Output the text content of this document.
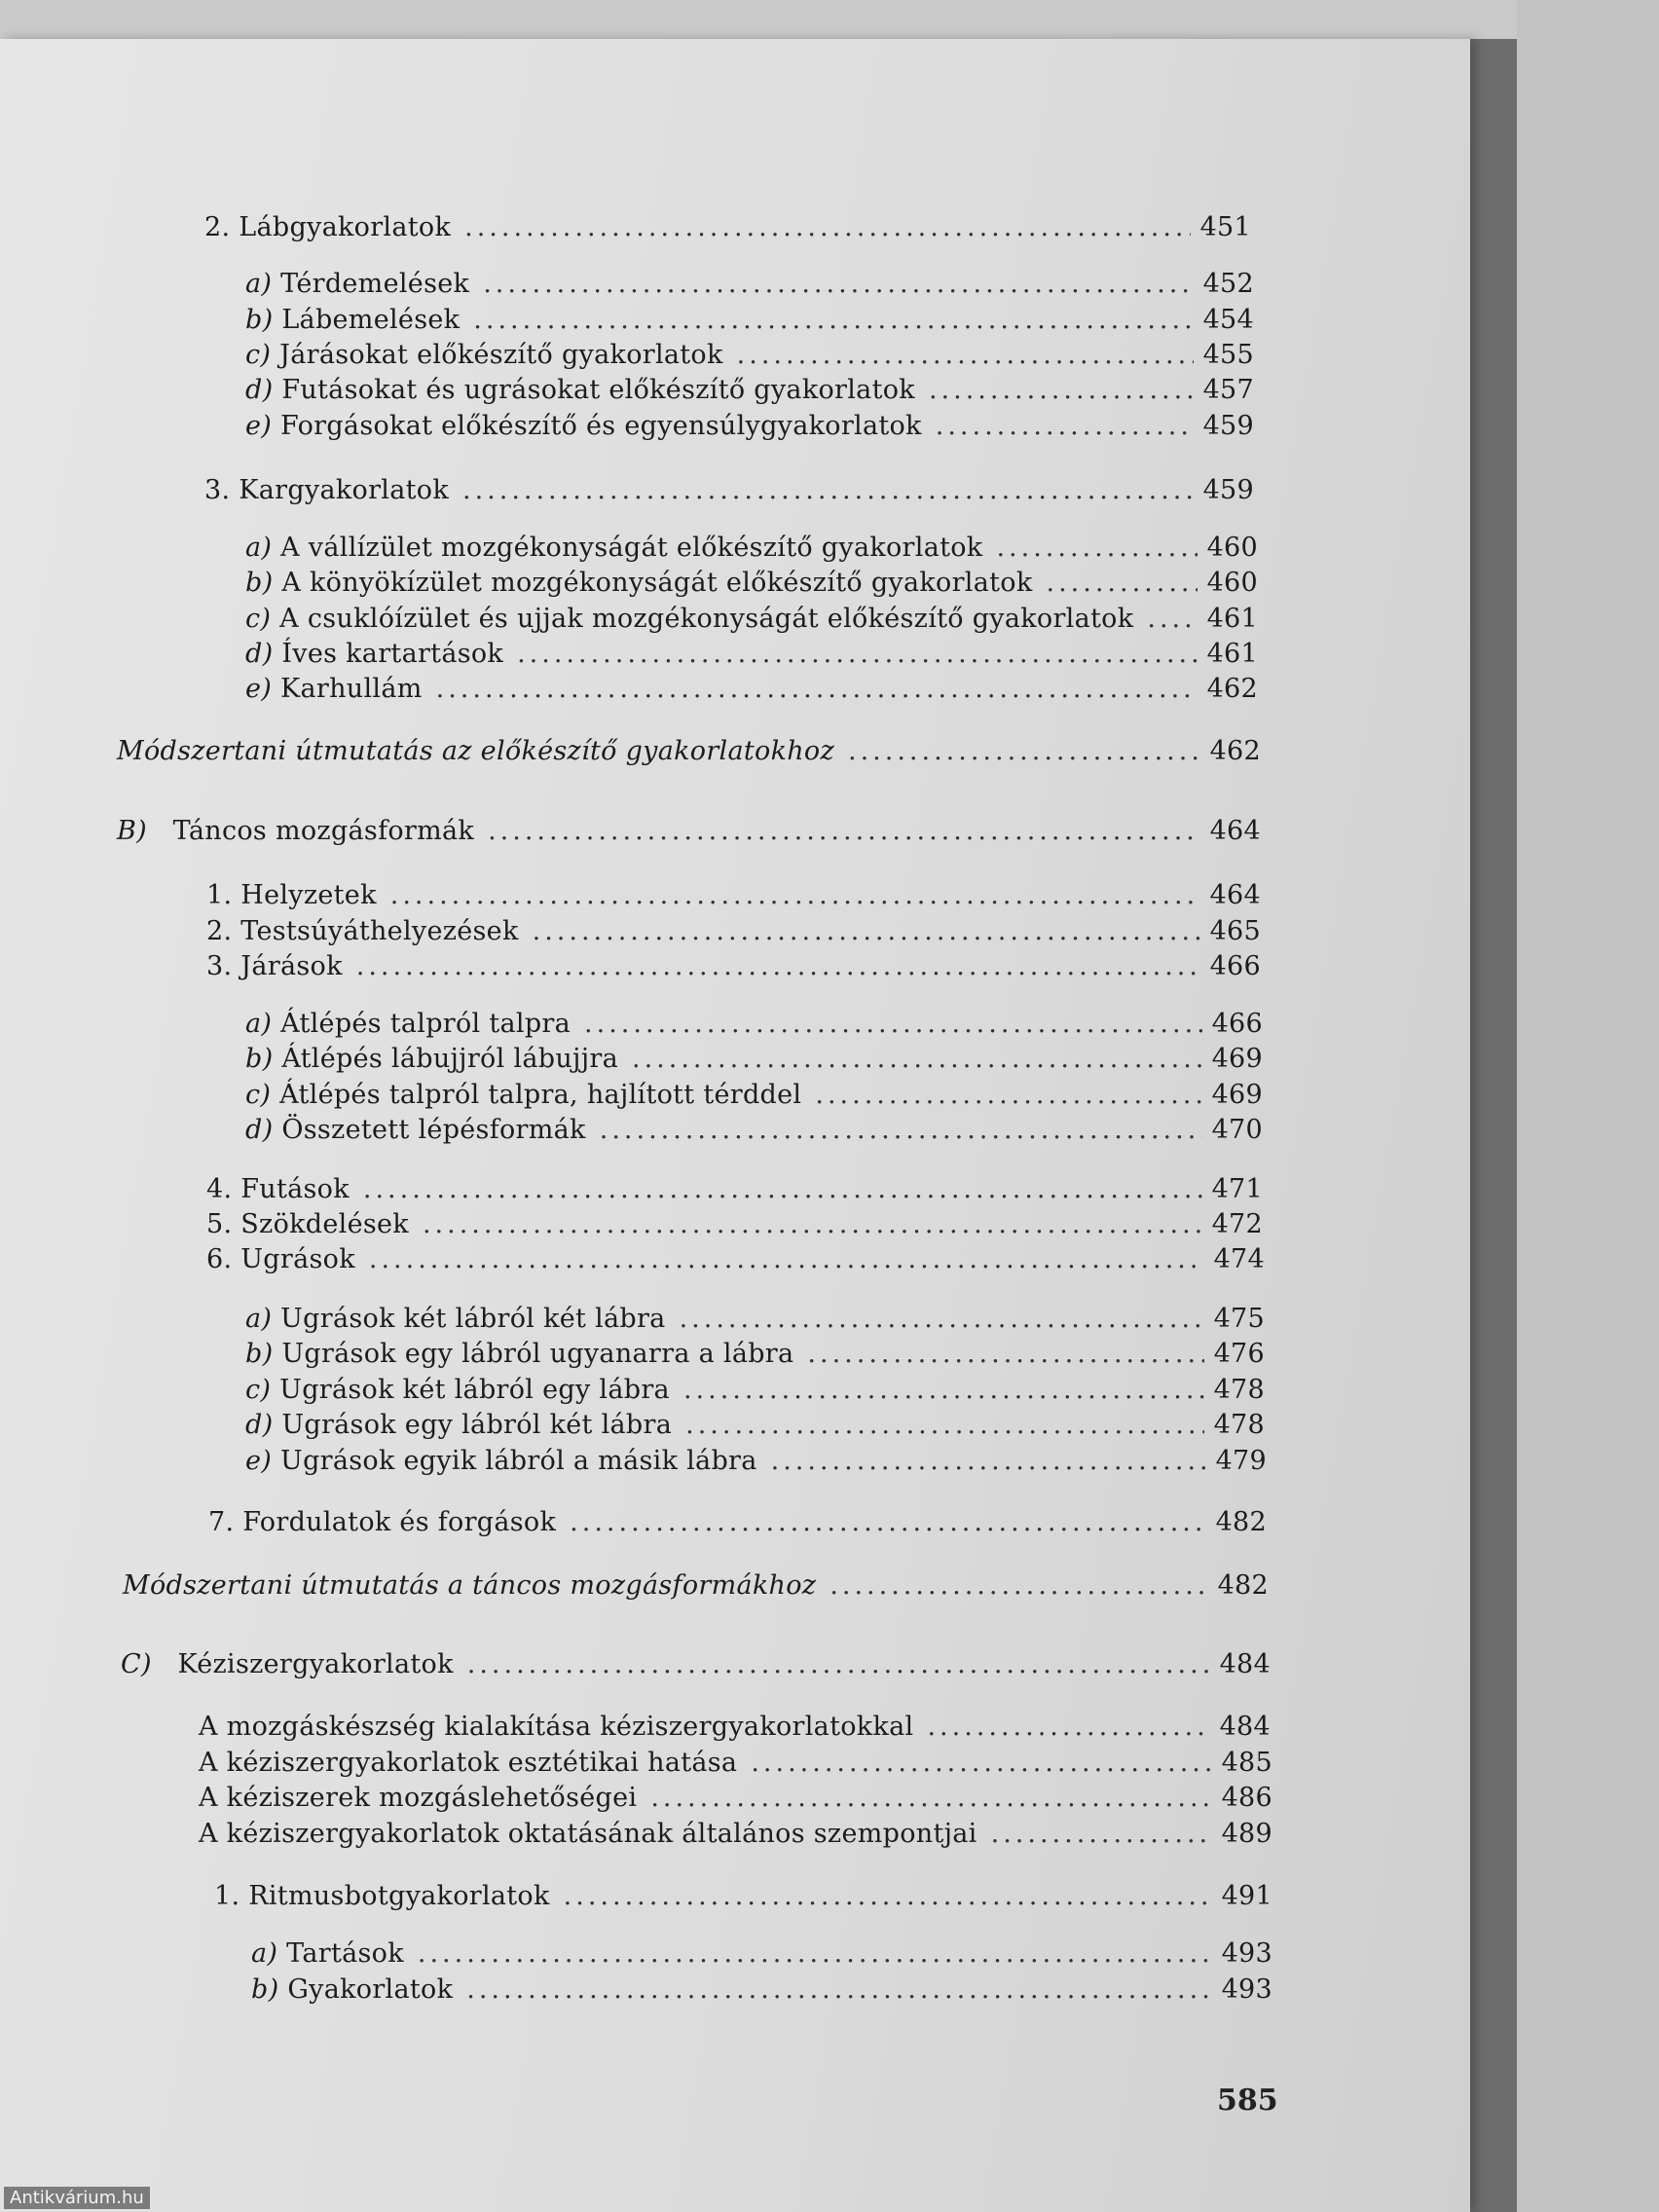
2. Lábgyakorlatok .....	451
a) Térdemelések .....	452
b) Lábemelések .....	454
c) Járásokat előkészítő gyakorlatok .....	455
d) Futásokat és ugrásokat előkészítő gyakorlatok .....	457
e) Forgásokat előkészítő és egyensúlygyakorlatok .....	459
3. Kargyakorlatok .....	459
a) A vállízület mozgékonyságát előkészítő gyakorlatok .....	460
b) A könyökízület mozgékonyságát előkészítő gyakorlatok .....	460
c) A csuklóízület és ujjak mozgékonyságát előkészítő gyakorlatok .....	461
d) Íves kartartások .....	461
e) Karhullám .....	462
Módszertani útmutatás az előkészítő gyakorlatokhoz .....	462
B) Táncos mozgásformák .....	464
1. Helyzetek .....	464
2. Testsúyáthelyezések .....	465
3. Járások .....	466
a) Átlépés talpról talpra .....	466
b) Átlépés lábujjról lábujjra .....	469
c) Átlépés talpról talpra, hajlított térddel .....	469
d) Összetett lépésformák .....	470
4. Futások .....	471
5. Szökdelések .....	472
6. Ugrások .....	474
a) Ugrások két lábról két lábra .....	475
b) Ugrások egy lábról ugyanarra a lábra .....	476
c) Ugrások két lábról egy lábra .....	478
d) Ugrások egy lábról két lábra .....	478
e) Ugrások egyik lábról a másik lábra .....	479
7. Fordulatok és forgások .....	482
Módszertani útmutatás a táncos mozgásformákhoz .....	482
C) Kéziszergyakorlatok .....	484
A mozgáskészség kialakítása kéziszergyakorlatokkal .....	484
A kéziszergyakorlatok esztétikai hatása .....	485
A kéziszerek mozgáslehetőségei .....	486
A kéziszergyakorlatok oktatásának általános szempontjai .....	489
1. Ritmusbotgyakorlatok .....	491
a) Tartások .....	493
b) Gyakorlatok .....	493
585
Antikvárium.hu
